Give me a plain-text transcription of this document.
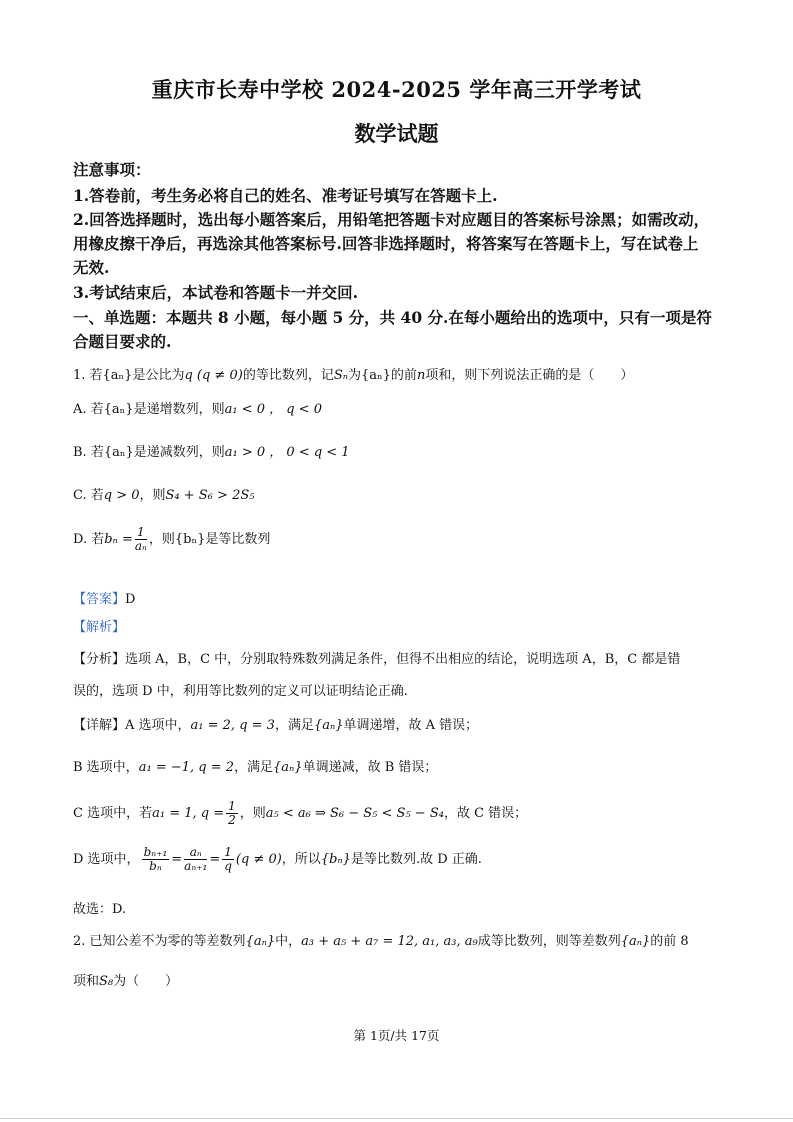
重庆市长寿中学校 2024-2025 学年高三开学考试
数学试题
注意事项：
1.答卷前，考生务必将自己的姓名、准考证号填写在答题卡上.
2.回答选择题时，选出每小题答案后，用铅笔把答题卡对应题目的答案标号涂黑；如需改动，
用橡皮擦干净后，再选涂其他答案标号.回答非选择题时，将答案写在答题卡上，写在试卷上
无效.
3.考试结束后，本试卷和答题卡一并交回.
一、单选题：本题共 8 小题，每小题 5 分，共 40 分.在每小题给出的选项中，只有一项是符
合题目要求的.
1. 若{aₙ}是公比为q (q ≠ 0)的等比数列，记Sₙ为{aₙ}的前n项和，则下列说法正确的是（　　）
A. 若{aₙ}是递增数列，则a₁ < 0 ， q < 0
B. 若{aₙ}是递减数列，则a₁ > 0 ， 0 < q < 1
C. 若q > 0，则S₄ + S₆ > 2S₅
D. 若$b_n = \frac{1}{\text{aₙ}}$ ，则{bₙ}是等比数列
【答案】D
【解析】
【分析】选项 A，B，C 中，分别取特殊数列满足条件，但得不出相应的结论，说明选项 A，B，C 都是错
误的，选项 D 中，利用等比数列的定义可以证明结论正确.
【详解】A 选项中，a₁ = 2, q = 3，满足{aₙ}单调递增，故 A 错误；
B 选项中，a₁ = −1, q = 2，满足{aₙ}单调递减，故 B 错误；
C 选项中，若a₁ = 1, $q = \frac{1}{2}$ ，则a₅ < a₆ ⇒ S₆ − S₅ < S₅ − S₄，故 C 错误；
D 选项中， $\frac{\text{bₙ₊₁}}{\text{bₙ}} = \frac{\text{aₙ}}{\text{aₙ₊₁}} = \frac{1}{q} (q \ne 0)$，所以{bₙ}是等比数列.故 D 正确.
故选：D.
2. 已知公差不为零的等差数列{aₙ}中，a₃ + a₅ + a₇ = 12, a₁, a₃, a₉成等比数列，则等差数列{aₙ}的前 8
项和S₈为（　　）
第 1页/共 17页
